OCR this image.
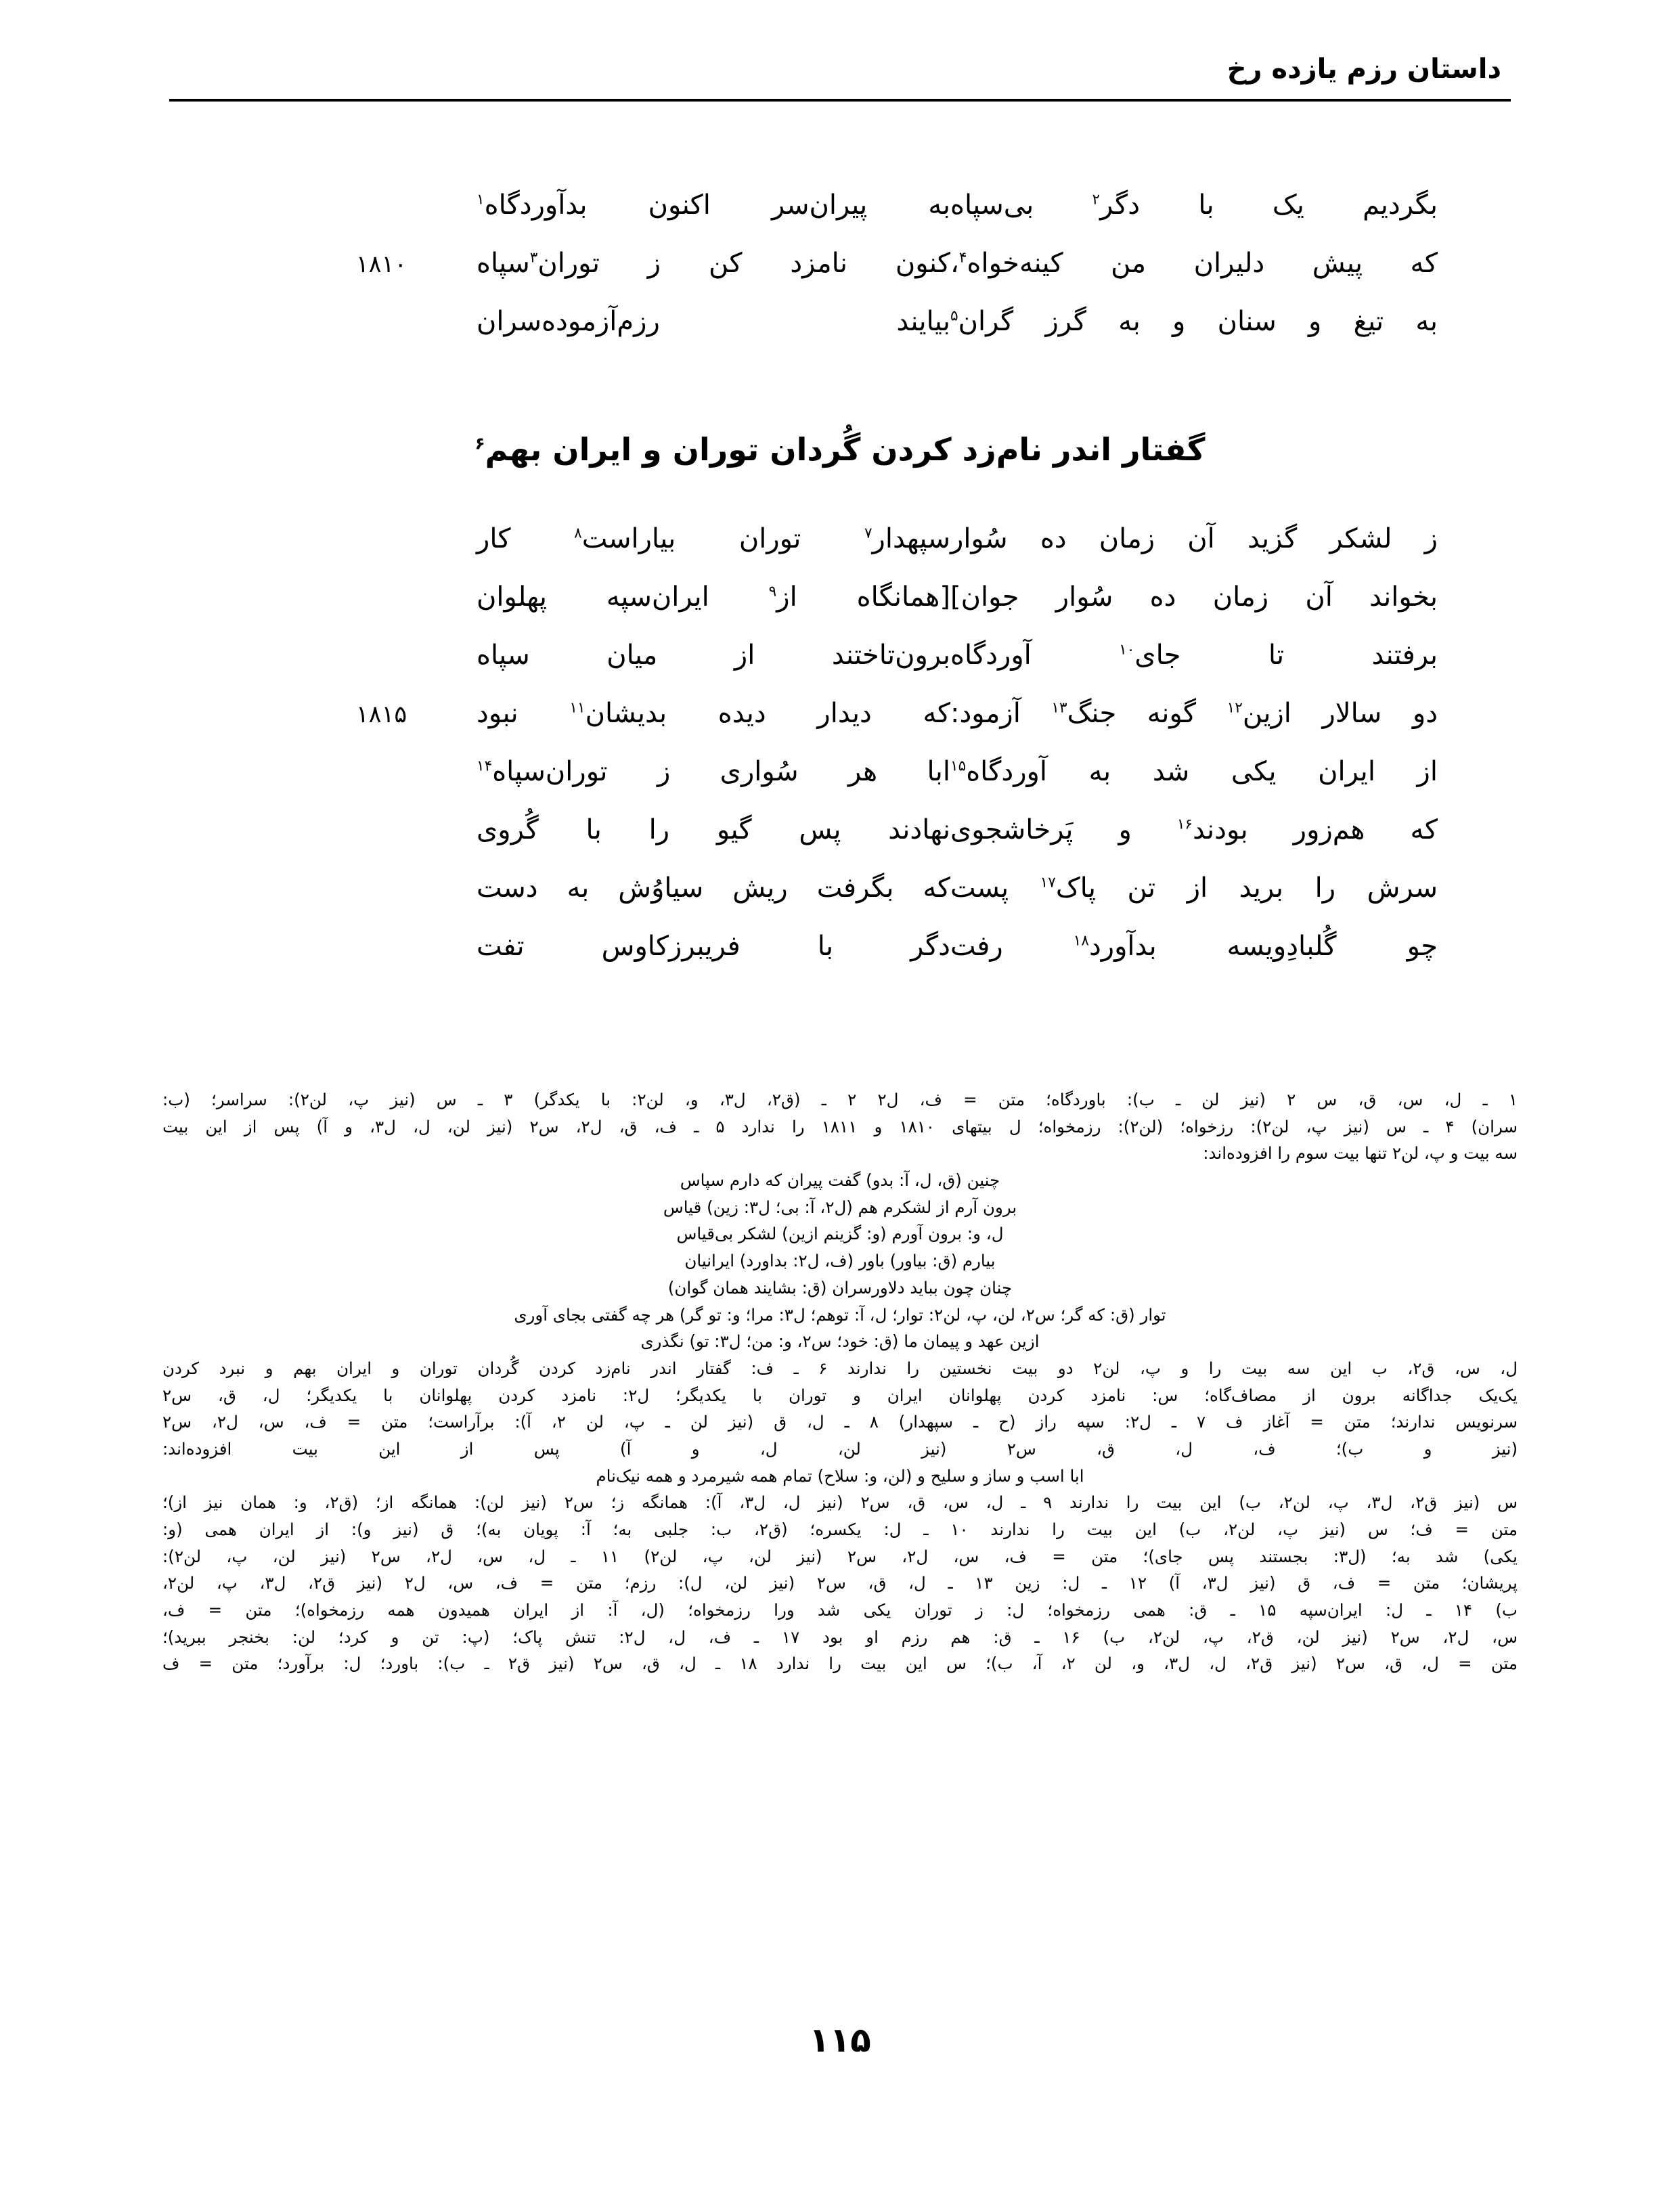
داستان رزم یازده رخ
بگردیم یک با دگر$^۲$ بی‌سپاه
به پیران‌سر اکنون بدآوردگاه$^۱$
که پیش دلیران من کینه‌خواه$^۴$،
کنون نامزد کن ز توران$^۳$سپاه
۱۸۱۰
به تیغ و سنان و به گرز گران$^۵$
بیایند رزم‌آزموده‌سران
گفتار اندر نام‌زد کردن گُردان توران و ایران بهم$^۶$
ز لشکر گزید آن زمان ده سُوار
سپهدار$^۷$ توران بیاراست$^۸$ کار
بخواند آن زمان ده سُوار جوان]
[همانگاه از$^۹$ ایران‌سپه پهلوان
برفتند تا جای$^{۱۰}$ آوردگاه
برون‌تاختند از میان سپاه
دو سالار ازین$^{۱۲}$ گونه جنگ$^{۱۳}$ آزمود:
که دیدار دیده بدیشان$^{۱۱}$ نبود
۱۸۱۵
از ایران یکی شد به آوردگاه$^{۱۵}$
ابا هر سُواری ز توران‌سپاه$^{۱۴}$
که هم‌زور بودند$^{۱۶}$ و پَرخاشجوی
نهادند پس گیو را با گُروی
سرش را برید از تن پاک$^{۱۷}$ پست
که بگرفت ریش سیاوُش به دست
چو گُلبادِویسه بدآورد$^{۱۸}$ رفت
دگر با فریبرزکاوس تفت
۱ ـ ل، س، ق، س ۲ (نیز لن ـ ب): باوردگاه؛ متن = ف، ل۲ ۲ ـ (ق۲، ل۳، و، لن۲: با یکدگر) ۳ ـ س (نیز پ، لن۲): سراسر؛ (ب:
سران) ۴ ـ س (نیز پ، لن۲): رزخواه؛ (لن۲): رزمخواه؛ ل بیتهای ۱۸۱۰ و ۱۸۱۱ را ندارد ۵ ـ ف، ق، ل۲، س۲ (نیز لن، ل، ل۳، و آ) پس از این بیت
سه بیت و پ، لن۲ تنها بیت سوم را افزوده‌اند:
چنین (ق، ل، آ: بدو) گفت پیران که دارم سپاس
برون آرم از لشکرم هم (ل۲، آ: بی؛ ل۳: زین) قیاس
ل، و: برون آورم (و: گزینم ازین) لشکر بی‌قیاس
بیارم (ق: بیاور) باور (ف، ل۲: بداورد) ایرانیان
چنان چون بباید دلاورسران (ق: بشایند همان گوان)
توار (ق: که گر؛ س۲، لن، پ، لن۲: توار؛ ل، آ: توهم؛ ل۳: مرا؛ و: تو گر) هر چه گفتی بجای آوری
ازین عهد و پیمان ما (ق: خود؛ س۲، و: من؛ ل۳: تو) نگذری
ل، س، ق۲، ب این سه بیت را و پ، لن۲ دو بیت نخستین را ندارند ۶ ـ ف: گفتار اندر نام‌زد کردن گُردان توران و ایران بهم و نبرد کردن
یک‌یک جداگانه برون از مصاف‌گاه؛ س: نامزد کردن پهلوانان ایران و توران با یکدیگر؛ ل۲: نامزد کردن پهلوانان با یکدیگر؛ ل، ق، س۲
سرنویس ندارند؛ متن = آغاز ف ۷ ـ ل۲: سپه راز (ح ـ سپهدار) ۸ ـ ل، ق (نیز لن ـ پ، لن ۲، آ): برآراست؛ متن = ف، س، ل۲، س۲
(نیز و ب)؛ ف، ل، ق، س۲ (نیز لن، ل، و آ) پس از این بیت افزوده‌اند:
ابا اسب و ساز و سلیح و (لن، و: سلاح) تمام همه شیرمرد و همه نیک‌نام
س (نیز ق۲، ل۳، پ، لن۲، ب) این بیت را ندارند ۹ ـ ل، س، ق، س۲ (نیز ل، ل۳، آ): همانگه ز؛ س۲ (نیز لن): همانگه از؛ (ق۲، و: همان نیز از)؛
متن = ف؛ س (نیز پ، لن۲، ب) این بیت را ندارند ۱۰ ـ ل: یکسره؛ (ق۲، ب: جلبی به؛ آ: پویان به)؛ ق (نیز و): از ایران همی (و:
یکی) شد به؛ (ل۳: بجستند پس جای)؛ متن = ف، س، ل۲، س۲ (نیز لن، پ، لن۲) ۱۱ ـ ل، س، ل۲، س۲ (نیز لن، پ، لن۲):
پریشان؛ متن = ف، ق (نیز ل۳، آ) ۱۲ ـ ل: زین ۱۳ ـ ل، ق، س۲ (نیز لن، ل): رزم؛ متن = ف، س، ل۲ (نیز ق۲، ل۳، پ، لن۲،
ب) ۱۴ ـ ل: ایران‌سپه ۱۵ ـ ق: همی رزمخواه؛ ل: ز توران یکی شد ورا رزمخواه؛ (ل، آ: از ایران همیدون همه رزمخواه)؛ متن = ف،
س، ل۲، س۲ (نیز لن، ق۲، پ، لن۲، ب) ۱۶ ـ ق: هم رزم او بود ۱۷ ـ ف، ل، ل۲: تنش پاک؛ (پ: تن و کرد؛ لن: بخنجر ببرید)؛
متن = ل، ق، س۲ (نیز ق۲، ل، ل۳، و، لن ۲، آ، ب)؛ س این بیت را ندارد ۱۸ ـ ل، ق، س۲ (نیز ق۲ ـ ب): باورد؛ ل: برآورد؛ متن = ف
۱۱۵
